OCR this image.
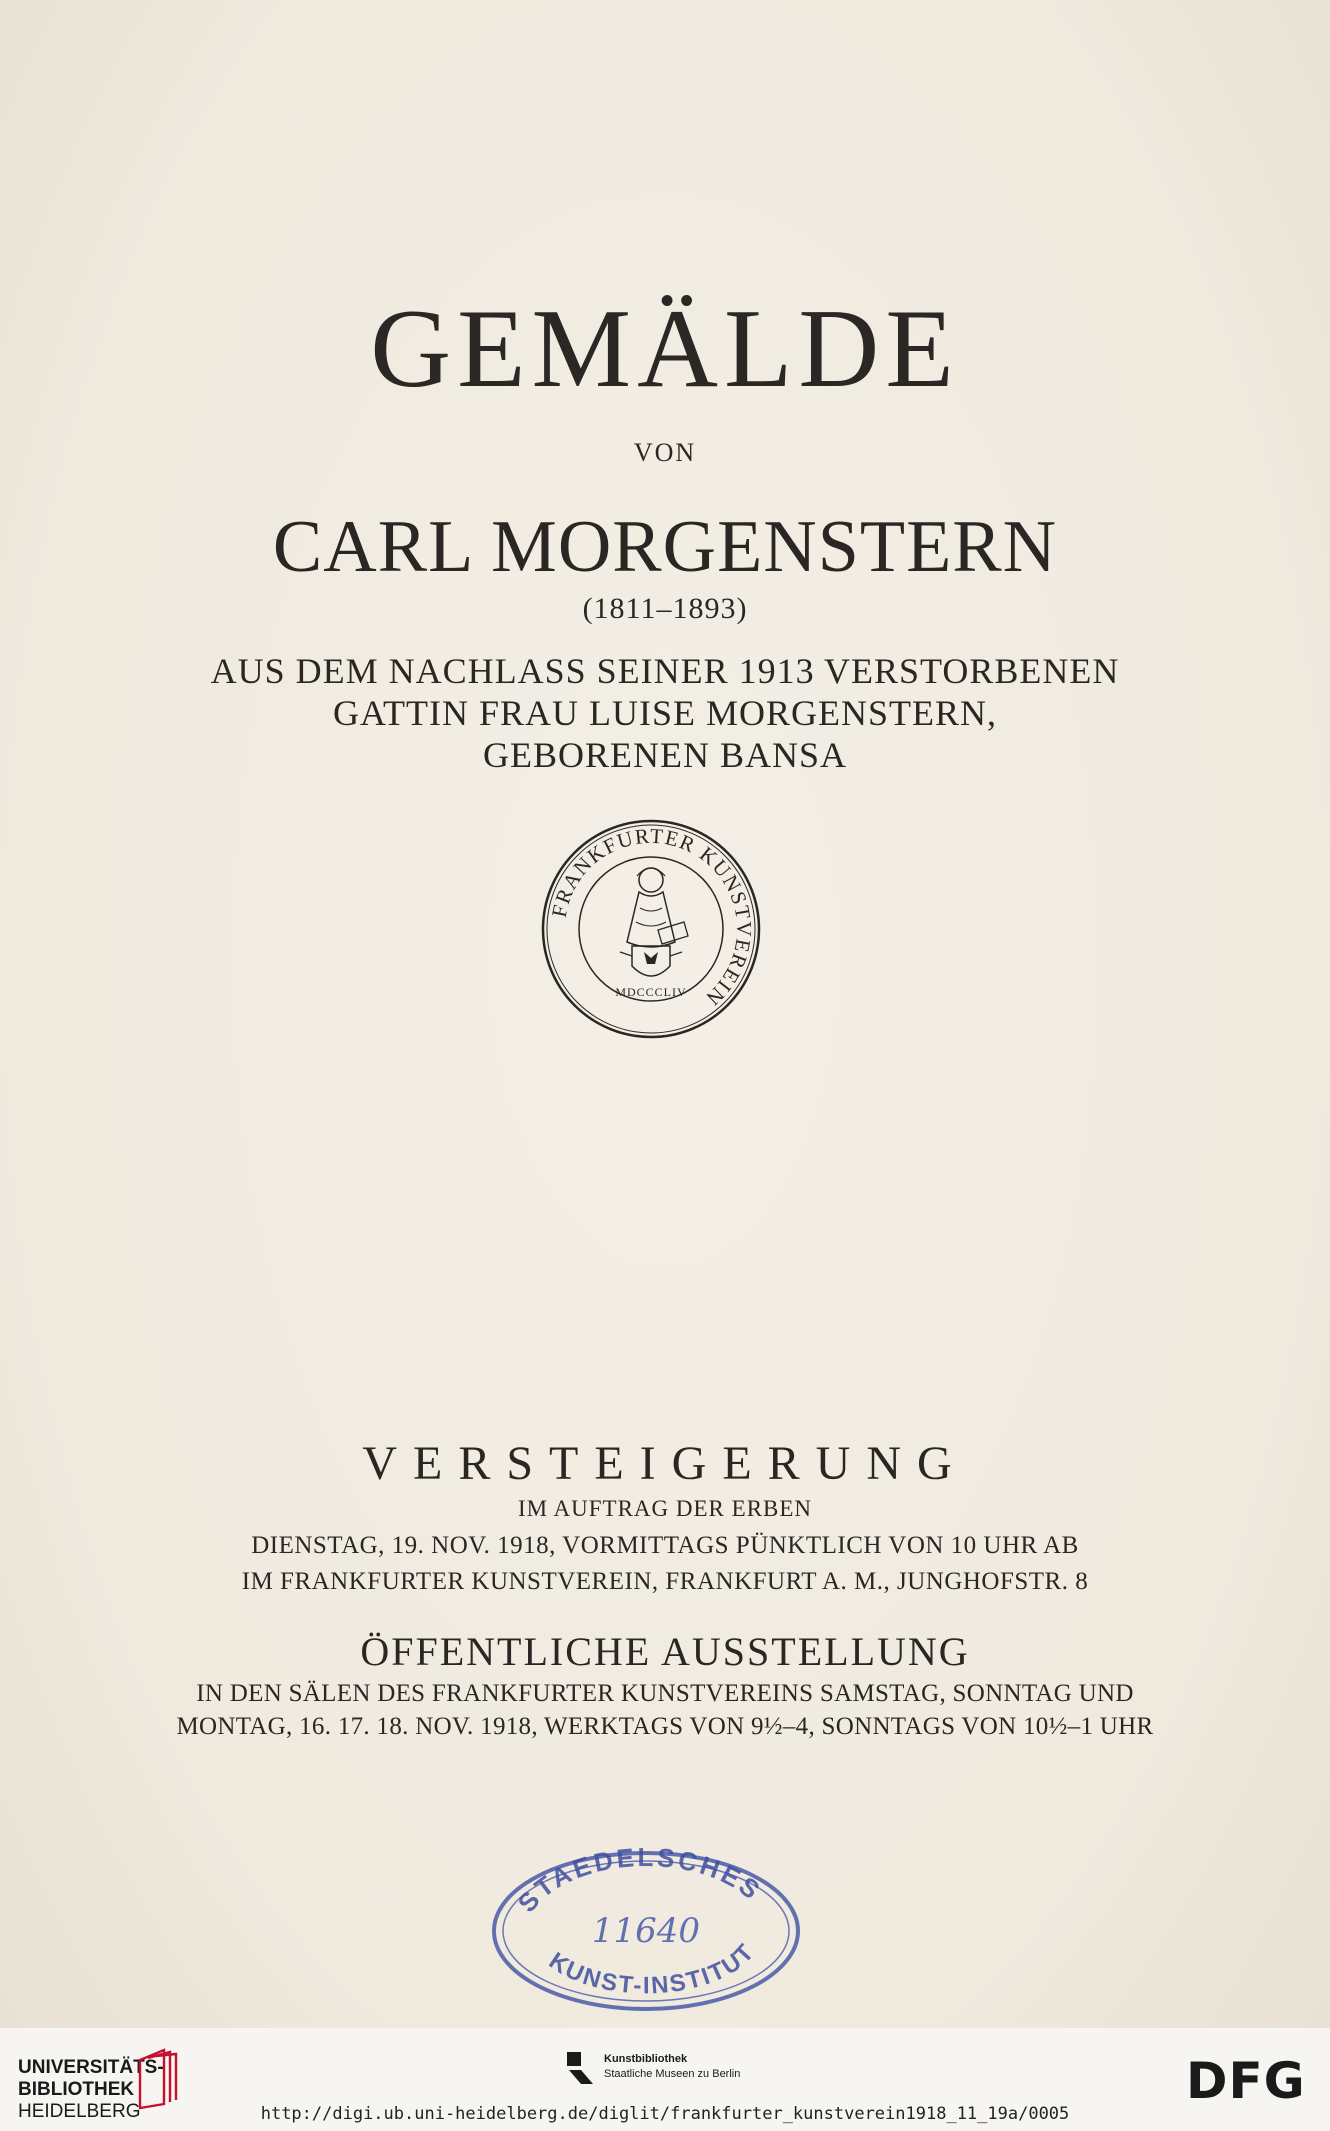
GEMÄLDE
VON
CARL MORGENSTERN
(1811–1893)
AUS DEM NACHLASS SEINER 1913 VERSTORBENEN
GATTIN FRAU LUISE MORGENSTERN,
GEBORENEN BANSA
FRANKFURTER KUNSTVEREIN
MDCCCLIV
VERSTEIGERUNG
IM AUFTRAG DER ERBEN
DIENSTAG, 19. NOV. 1918, VORMITTAGS PÜNKTLICH VON 10 UHR AB
IM FRANKFURTER KUNSTVEREIN, FRANKFURT A. M., JUNGHOFSTR. 8
ÖFFENTLICHE AUSSTELLUNG
IN DEN SÄLEN DES FRANKFURTER KUNSTVEREINS SAMSTAG, SONNTAG UND
MONTAG, 16. 17. 18. NOV. 1918, WERKTAGS VON 9½–4, SONNTAGS VON 10½–1 UHR
STAEDELSCHES
KUNST-INSTITUT
11640
UNIVERSITÄTS-
BIBLIOTHEK
HEIDELBERG
Kunstbibliothek
Staatliche Museen zu Berlin	DFG
http://digi.ub.uni-heidelberg.de/diglit/frankfurter_kunstverein1918_11_19a/0005
